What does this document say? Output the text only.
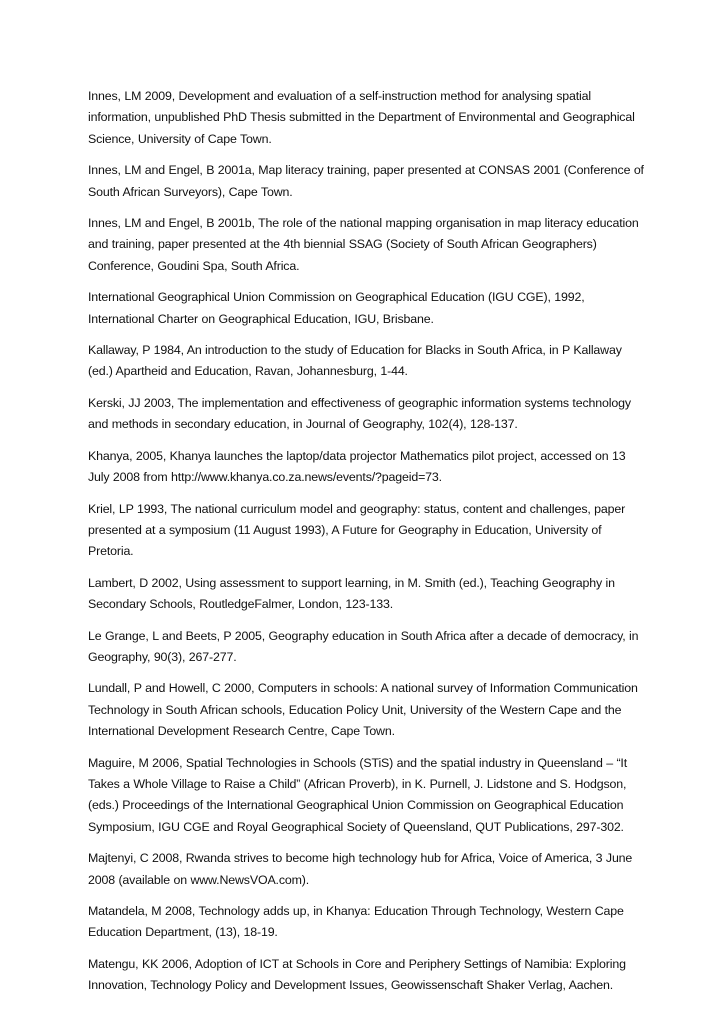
Innes, LM 2009, Development and evaluation of a self-instruction method for analysing spatial information, unpublished PhD Thesis submitted in the Department of Environmental and Geographical Science, University of Cape Town.
Innes, LM and Engel, B 2001a, Map literacy training, paper presented at CONSAS 2001 (Conference of South African Surveyors), Cape Town.
Innes, LM and Engel, B 2001b, The role of the national mapping organisation in map literacy education and training, paper presented at the 4th biennial SSAG (Society of South African Geographers) Conference, Goudini Spa, South Africa.
International Geographical Union Commission on Geographical Education (IGU CGE), 1992, International Charter on Geographical Education, IGU, Brisbane.
Kallaway, P 1984, An introduction to the study of Education for Blacks in South Africa, in P Kallaway (ed.) Apartheid and Education, Ravan, Johannesburg, 1-44.
Kerski, JJ 2003, The implementation and effectiveness of geographic information systems technology and methods in secondary education, in Journal of Geography, 102(4), 128-137.
Khanya, 2005, Khanya launches the laptop/data projector Mathematics pilot project, accessed on 13 July 2008 from http://www.khanya.co.za.news/events/?pageid=73.
Kriel, LP 1993, The national curriculum model and geography: status, content and challenges, paper presented at a symposium (11 August 1993), A Future for Geography in Education, University of Pretoria.
Lambert, D 2002, Using assessment to support learning, in M. Smith (ed.), Teaching Geography in Secondary Schools, RoutledgeFalmer, London, 123-133.
Le Grange, L and Beets, P 2005, Geography education in South Africa after a decade of democracy, in Geography, 90(3), 267-277.
Lundall, P and Howell, C 2000, Computers in schools: A national survey of Information Communication Technology in South African schools, Education Policy Unit, University of the Western Cape and the International Development Research Centre, Cape Town.
Maguire, M 2006, Spatial Technologies in Schools (STiS) and the spatial industry in Queensland – “It Takes a Whole Village to Raise a Child” (African Proverb), in K. Purnell, J. Lidstone and S. Hodgson, (eds.) Proceedings of the International Geographical Union Commission on Geographical Education Symposium, IGU CGE and Royal Geographical Society of Queensland, QUT Publications, 297-302.
Majtenyi, C 2008, Rwanda strives to become high technology hub for Africa, Voice of America, 3 June 2008 (available on www.NewsVOA.com).
Matandela, M 2008, Technology adds up, in Khanya: Education Through Technology, Western Cape Education Department, (13), 18-19.
Matengu, KK 2006, Adoption of ICT at Schools in Core and Periphery Settings of Namibia: Exploring Innovation, Technology Policy and Development Issues, Geowissenschaft Shaker Verlag, Aachen.
